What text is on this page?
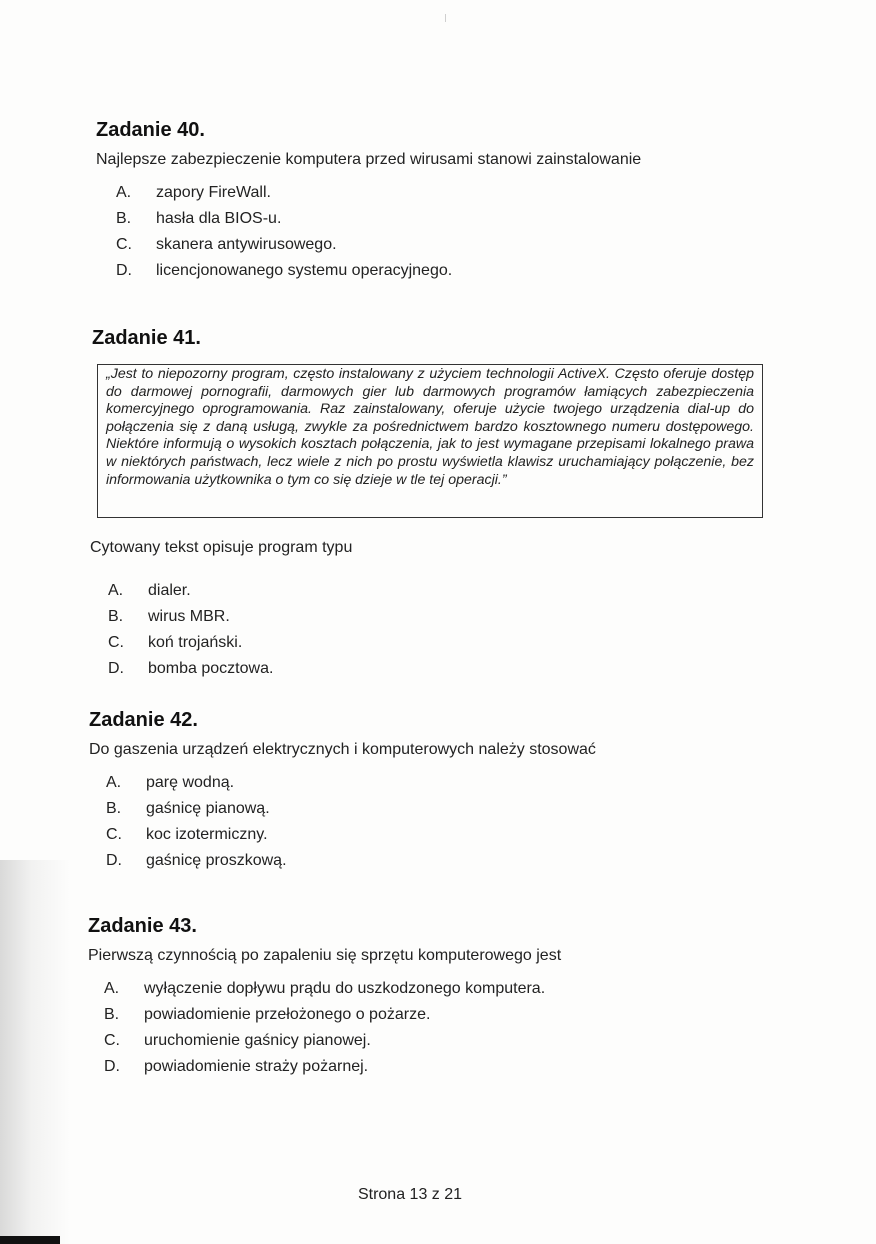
Zadanie 40.
Najlepsze zabezpieczenie komputera przed wirusami stanowi zainstalowanie
A. zapory FireWall.
B. hasła dla BIOS-u.
C. skanera antywirusowego.
D. licencjonowanego systemu operacyjnego.
Zadanie 41.
A. dialer.
B. wirus MBR.
C. koń trojański.
D. bomba pocztowa.
„Jest to niepozorny program, często instalowany z użyciem technologii ActiveX. Często oferuje dostęp do darmowej pornografii, darmowych gier lub darmowych programów łamiących zabezpieczenia komercyjnego oprogramowania. Raz zainstalowany, oferuje użycie twojego urządzenia dial-up do połączenia się z daną usługą, zwykle za pośrednictwem bardzo kosztownego numeru dostępowego. Niektóre informują o wysokich kosztach połączenia, jak to jest wymagane przepisami lokalnego prawa w niektórych państwach, lecz wiele z nich po prostu wyświetla klawisz uruchamiający połączenie, bez informowania użytkownika o tym co się dzieje w tle tej operacji.”
Cytowany tekst opisuje program typu
Zadanie 42.
Do gaszenia urządzeń elektrycznych i komputerowych należy stosować
A. parę wodną.
B. gaśnicę pianową.
C. koc izotermiczny.
D. gaśnicę proszkową.
Zadanie 43.
Pierwszą czynnością po zapaleniu się sprzętu komputerowego jest
A. wyłączenie dopływu prądu do uszkodzonego komputera.
B. powiadomienie przełożonego o pożarze.
C. uruchomienie gaśnicy pianowej.
D. powiadomienie straży pożarnej.
Strona 13 z 21
